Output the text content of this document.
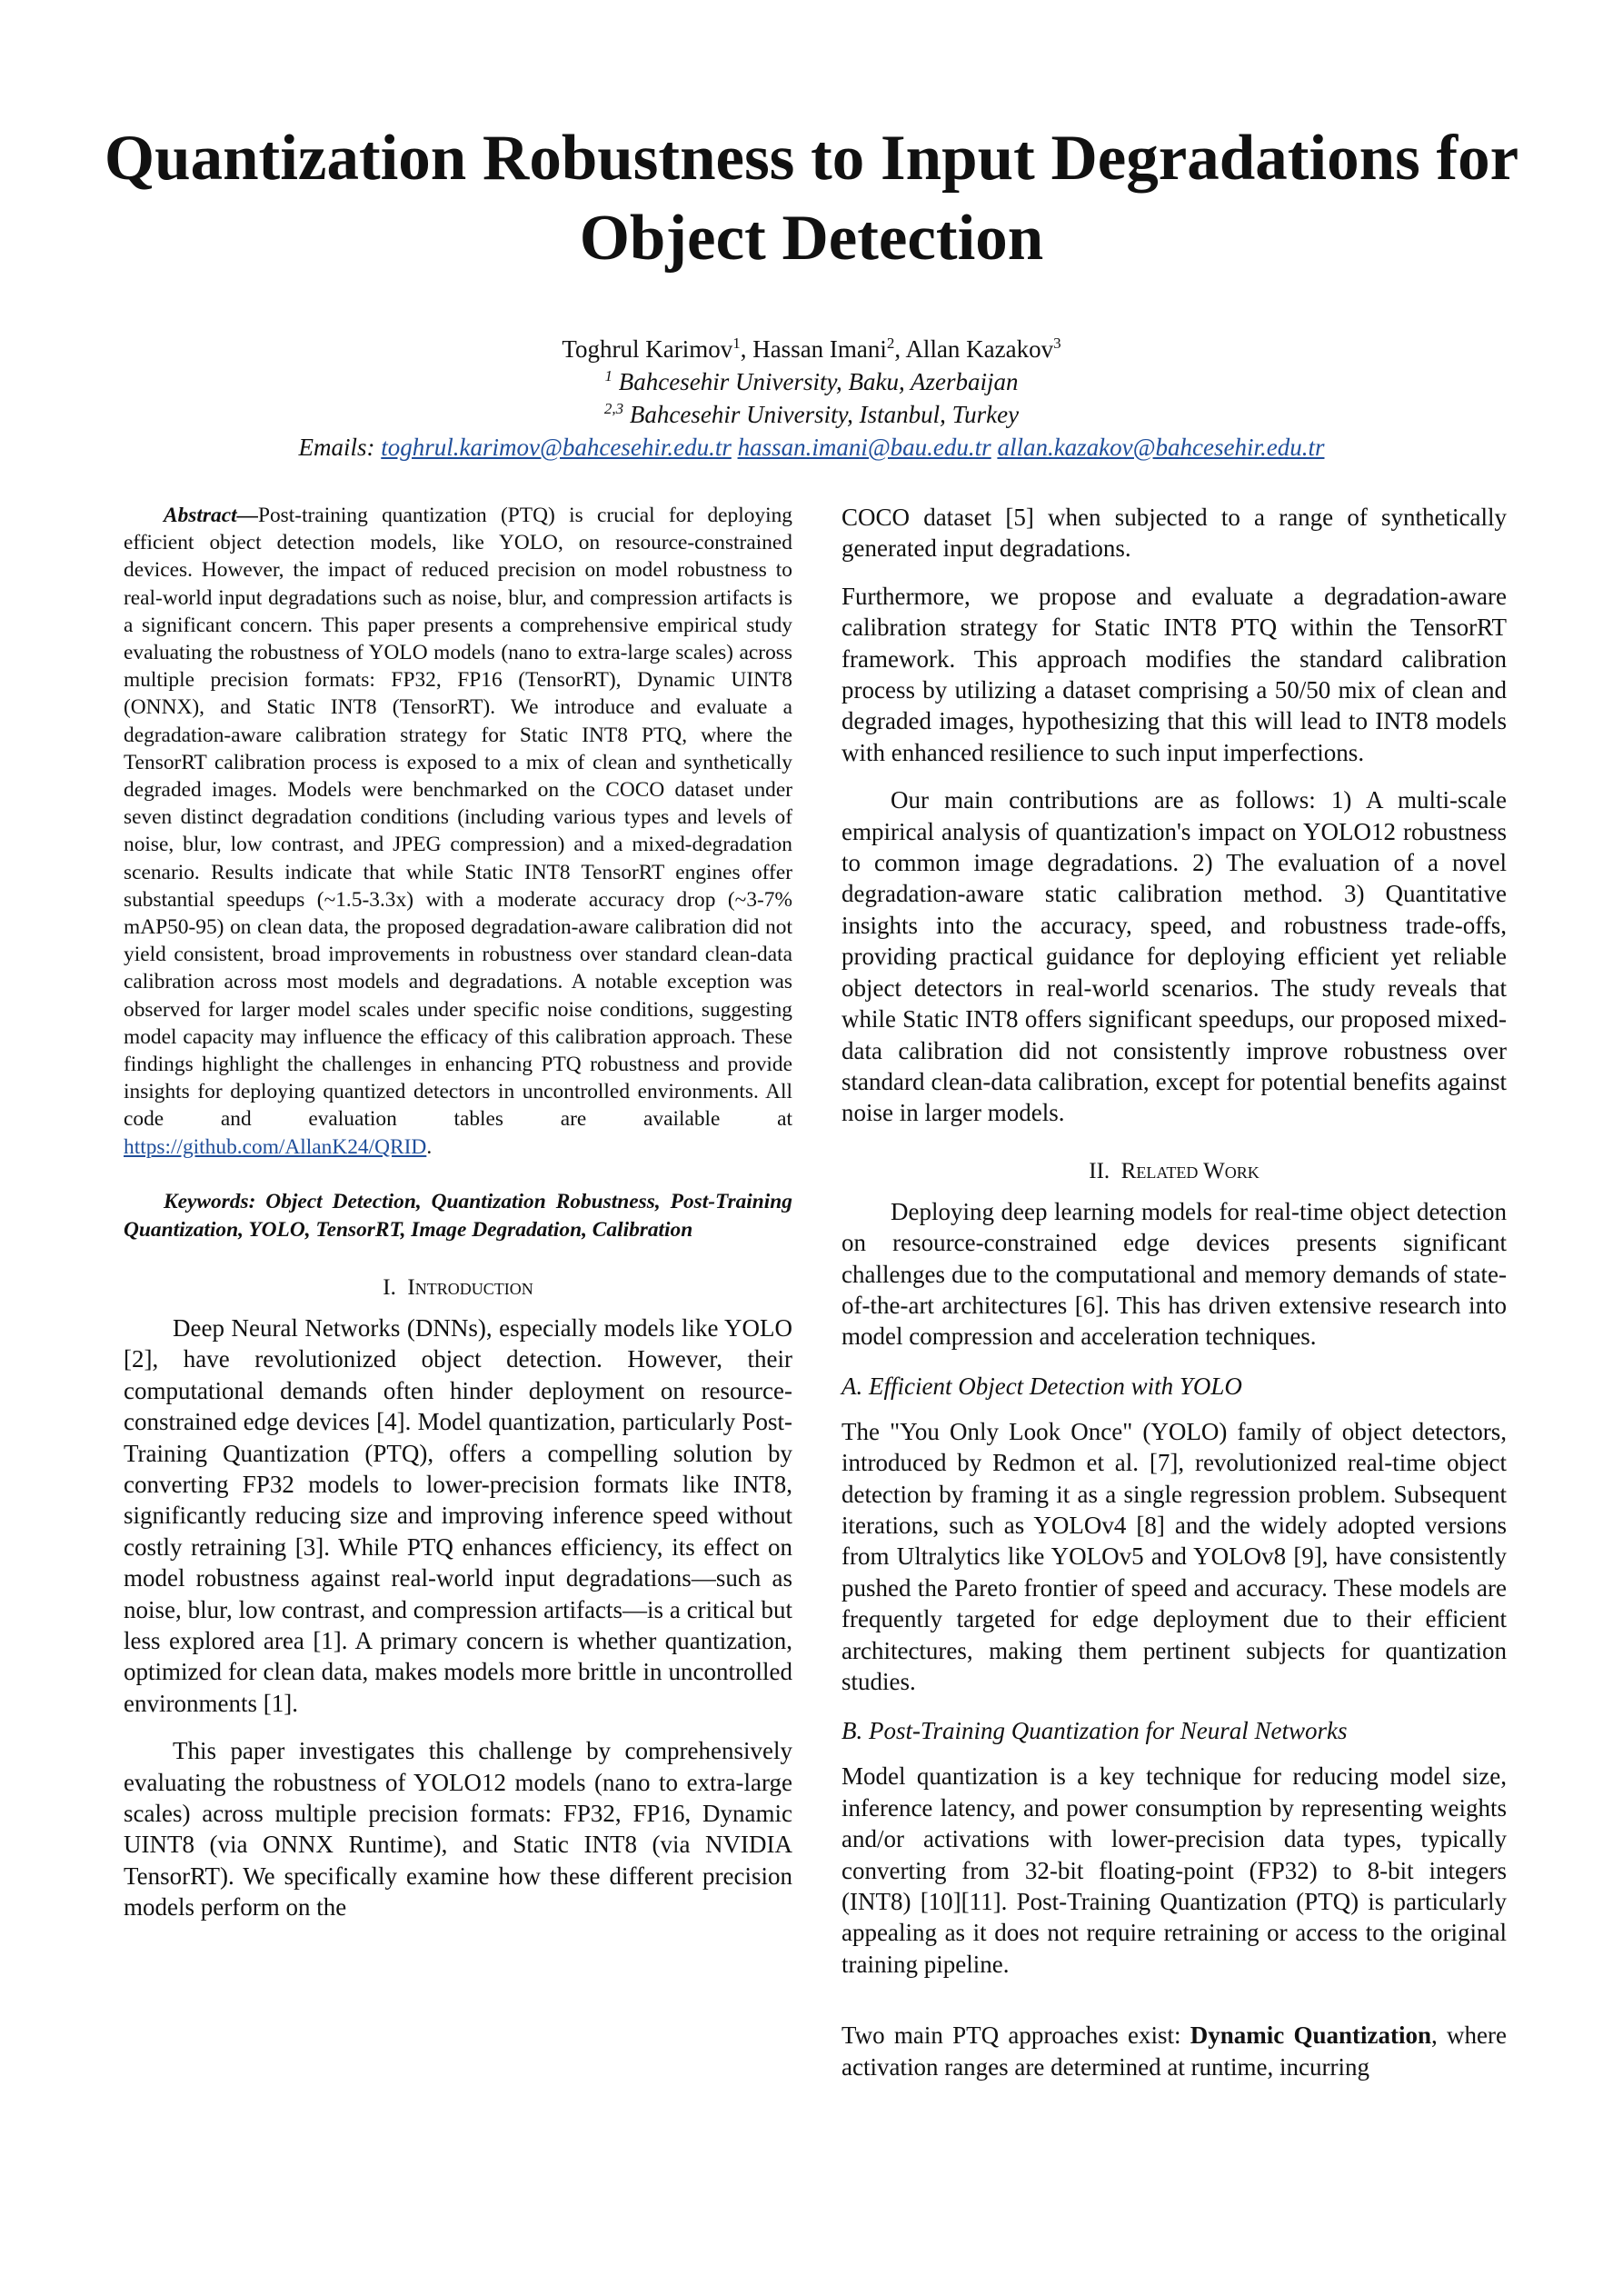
Quantization Robustness to Input Degradations for Object Detection
Toghrul Karimov$^1$, Hassan Imani$^2$, Allan Kazakov$^3$
$^1$ Bahcesehir University, Baku, Azerbaijan
$^{2,3}$ Bahcesehir University, Istanbul, Turkey
Emails: toghrul.karimov@bahcesehir.edu.tr hassan.imani@bau.edu.tr allan.kazakov@bahcesehir.edu.tr

Abstract—Post-training quantization (PTQ) is crucial for deploying efficient object detection models, like YOLO, on resource-constrained devices. However, the impact of reduced precision on model robustness to real-world input degradations such as noise, blur, and compression artifacts is a significant concern. This paper presents a comprehensive empirical study evaluating the robustness of YOLO models (nano to extra-large scales) across multiple precision formats: FP32, FP16 (TensorRT), Dynamic UINT8 (ONNX), and Static INT8 (TensorRT). We introduce and evaluate a degradation-aware calibration strategy for Static INT8 PTQ, where the TensorRT calibration process is exposed to a mix of clean and synthetically degraded images. Models were benchmarked on the COCO dataset under seven distinct degradation conditions (including various types and levels of noise, blur, low contrast, and JPEG compression) and a mixed-degradation scenario. Results indicate that while Static INT8 TensorRT engines offer substantial speedups (~1.5-3.3x) with a moderate accuracy drop (~3-7% mAP50-95) on clean data, the proposed degradation-aware calibration did not yield consistent, broad improvements in robustness over standard clean-data calibration across most models and degradations. A notable exception was observed for larger model scales under specific noise conditions, suggesting model capacity may influence the efficacy of this calibration approach. These findings highlight the challenges in enhancing PTQ robustness and provide insights for deploying quantized detectors in uncontrolled environments. All code and evaluation tables are available at https://github.com/AllanK24/QRID.

Keywords: Object Detection, Quantization Robustness, Post-Training Quantization, YOLO, TensorRT, Image Degradation, Calibration

I. Introduction

Deep Neural Networks (DNNs), especially models like YOLO [2], have revolutionized object detection. However, their computational demands often hinder deployment on resource-constrained edge devices [4]. Model quantization, particularly Post-Training Quantization (PTQ), offers a compelling solution by converting FP32 models to lower-precision formats like INT8, significantly reducing size and improving inference speed without costly retraining [3]. While PTQ enhances efficiency, its effect on model robustness against real-world input degradations—such as noise, blur, low contrast, and compression artifacts—is a critical but less explored area [1]. A primary concern is whether quantization, optimized for clean data, makes models more brittle in uncontrolled environments [1].

This paper investigates this challenge by comprehensively evaluating the robustness of YOLO12 models (nano to extra-large scales) across multiple precision formats: FP32, FP16, Dynamic UINT8 (via ONNX Runtime), and Static INT8 (via NVIDIA TensorRT). We specifically examine how these different precision models perform on the

COCO dataset [5] when subjected to a range of synthetically generated input degradations.

Furthermore, we propose and evaluate a degradation-aware calibration strategy for Static INT8 PTQ within the TensorRT framework. This approach modifies the standard calibration process by utilizing a dataset comprising a 50/50 mix of clean and degraded images, hypothesizing that this will lead to INT8 models with enhanced resilience to such input imperfections.

Our main contributions are as follows: 1) A multi-scale empirical analysis of quantization's impact on YOLO12 robustness to common image degradations. 2) The evaluation of a novel degradation-aware static calibration method. 3) Quantitative insights into the accuracy, speed, and robustness trade-offs, providing practical guidance for deploying efficient yet reliable object detectors in real-world scenarios. The study reveals that while Static INT8 offers significant speedups, our proposed mixed-data calibration did not consistently improve robustness over standard clean-data calibration, except for potential benefits against noise in larger models.

II. Related Work

Deploying deep learning models for real-time object detection on resource-constrained edge devices presents significant challenges due to the computational and memory demands of state-of-the-art architectures [6]. This has driven extensive research into model compression and acceleration techniques.

A. Efficient Object Detection with YOLO

The "You Only Look Once" (YOLO) family of object detectors, introduced by Redmon et al. [7], revolutionized real-time object detection by framing it as a single regression problem. Subsequent iterations, such as YOLOv4 [8] and the widely adopted versions from Ultralytics like YOLOv5 and YOLOv8 [9], have consistently pushed the Pareto frontier of speed and accuracy. These models are frequently targeted for edge deployment due to their efficient architectures, making them pertinent subjects for quantization studies.

B. Post-Training Quantization for Neural Networks

Model quantization is a key technique for reducing model size, inference latency, and power consumption by representing weights and/or activations with lower-precision data types, typically converting from 32-bit floating-point (FP32) to 8-bit integers (INT8) [10][11]. Post-Training Quantization (PTQ) is particularly appealing as it does not require retraining or access to the original training pipeline.

Two main PTQ approaches exist: Dynamic Quantization, where activation ranges are determined at runtime, incurring
